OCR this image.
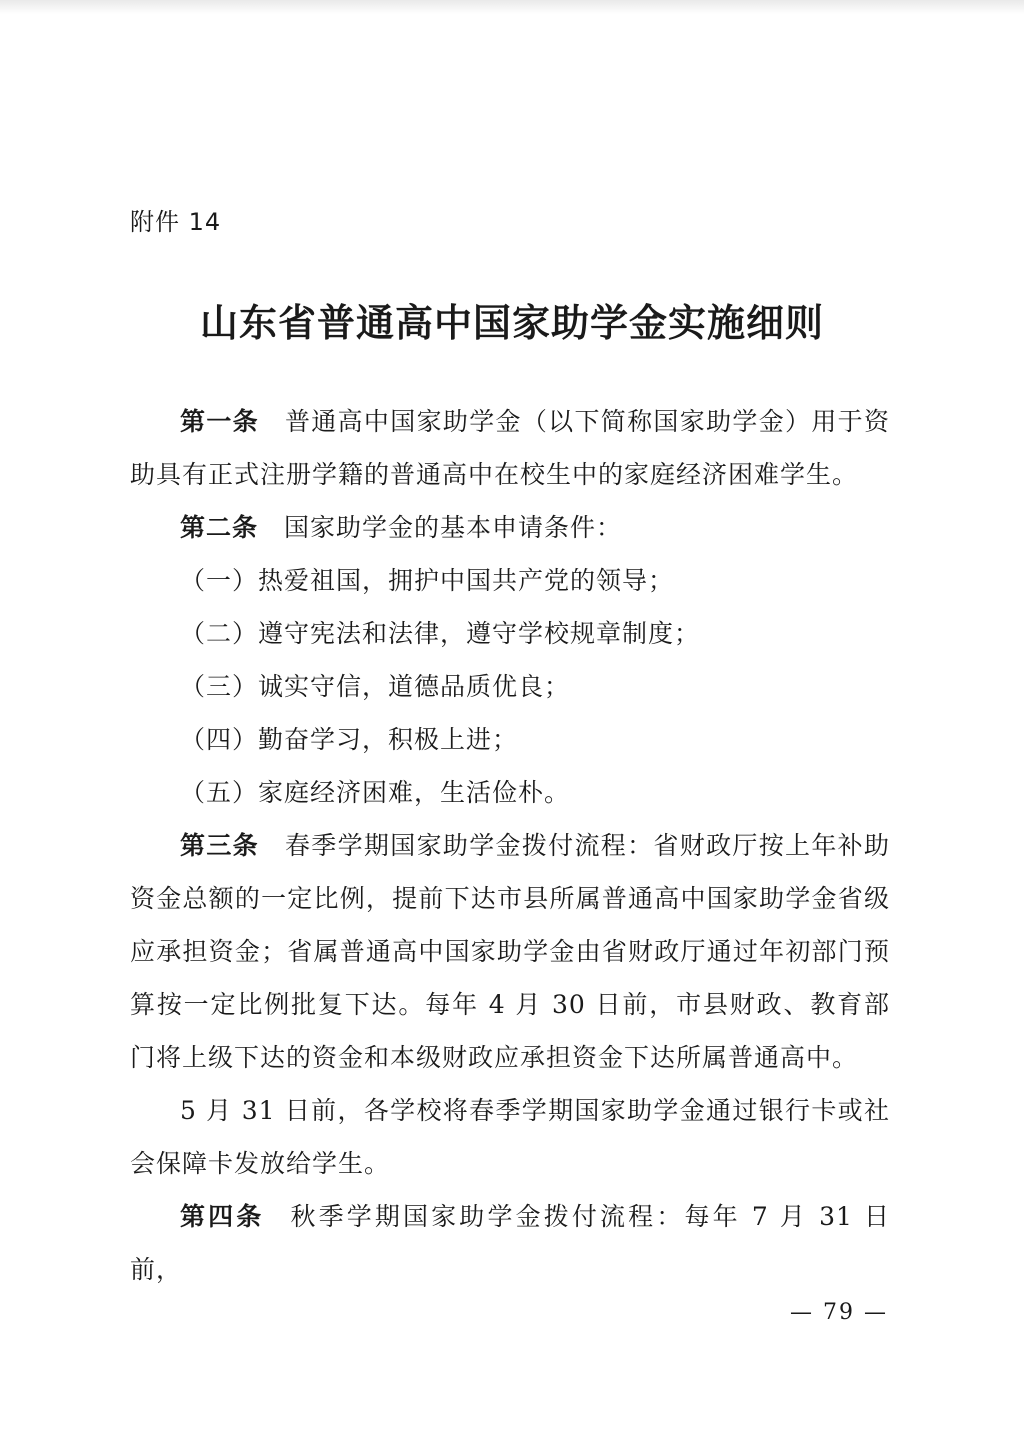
附件 14
山东省普通高中国家助学金实施细则

第一条 普通高中国家助学金（以下简称国家助学金）用于资助具有正式注册学籍的普通高中在校生中的家庭经济困难学生。

第二条 国家助学金的基本申请条件：

（一）热爱祖国，拥护中国共产党的领导；

（二）遵守宪法和法律，遵守学校规章制度；

（三）诚实守信，道德品质优良；

（四）勤奋学习，积极上进；

（五）家庭经济困难，生活俭朴。

第三条 春季学期国家助学金拨付流程：省财政厅按上年补助资金总额的一定比例，提前下达市县所属普通高中国家助学金省级应承担资金；省属普通高中国家助学金由省财政厅通过年初部门预算按一定比例批复下达。每年 4 月 30 日前，市县财政、教育部门将上级下达的资金和本级财政应承担资金下达所属普通高中。

5 月 31 日前，各学校将春季学期国家助学金通过银行卡或社会保障卡发放给学生。

第四条 秋季学期国家助学金拨付流程：每年 7 月 31 日前，

— 79 —
